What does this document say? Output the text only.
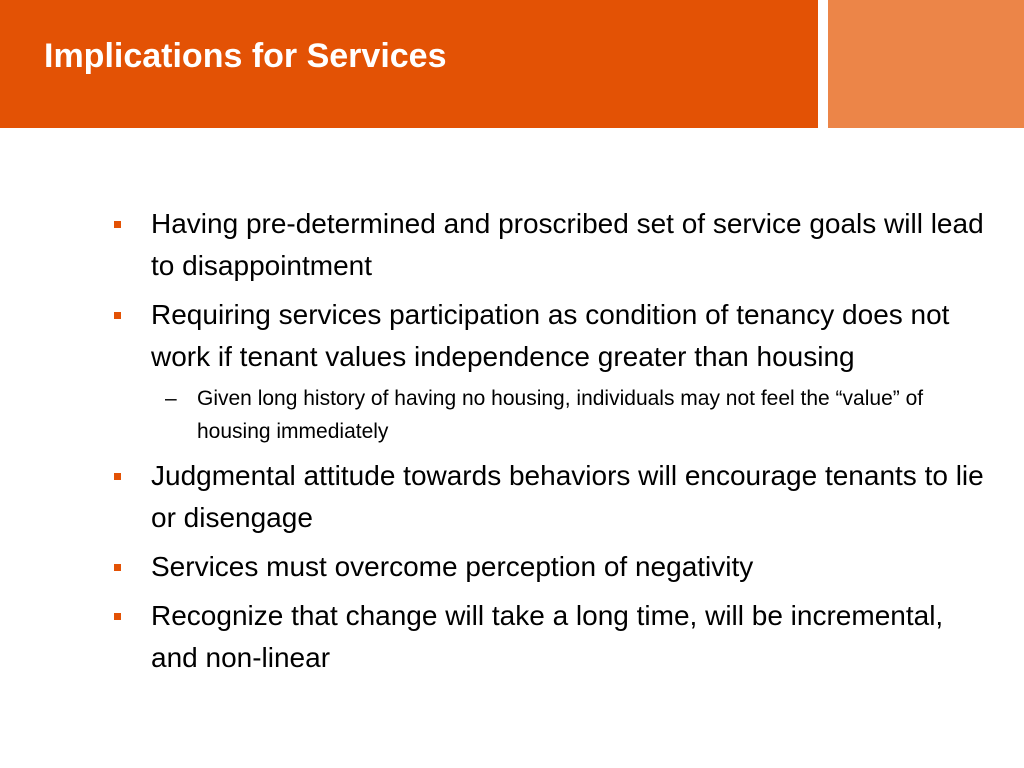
Implications for Services
Having pre-determined and proscribed set of service goals will lead to disappointment
Requiring services participation as condition of tenancy does not work if tenant values independence greater than housing
– Given long history of having no housing, individuals may not feel the “value” of housing immediately
Judgmental attitude towards behaviors will encourage tenants to lie or disengage
Services must overcome perception of negativity
Recognize that change will take a long time, will be incremental, and non-linear
